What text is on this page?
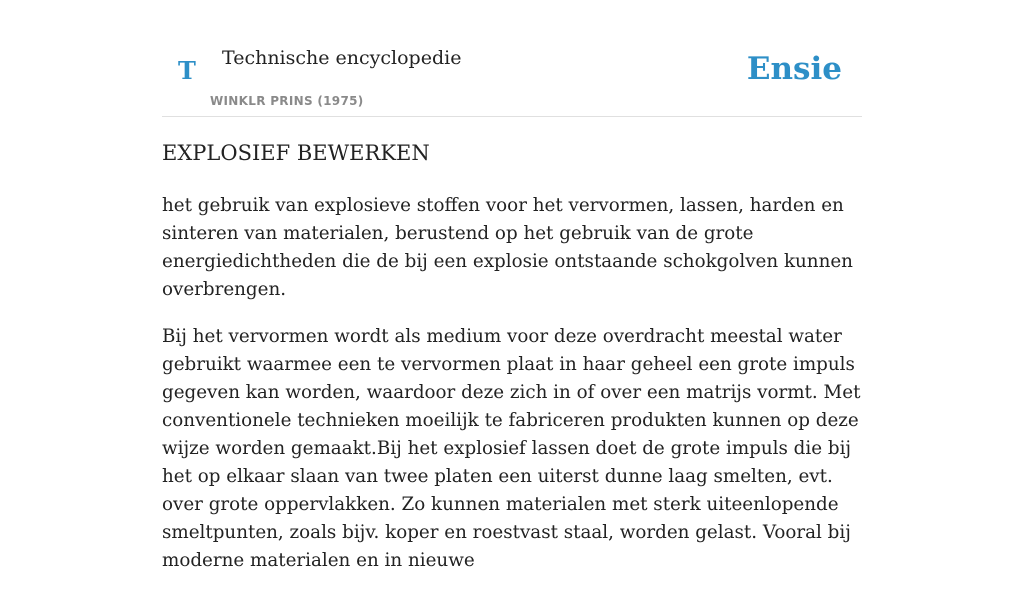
T Technische encyclopedie
WINKLR PRINS (1975)
Ensie
EXPLOSIEF BEWERKEN

het gebruik van explosieve stoffen voor het vervormen, lassen, harden en sinteren van materialen, berustend op het gebruik van de grote energiedichtheden die de bij een explosie ontstaande schokgolven kunnen overbrengen.

Bij het vervormen wordt als medium voor deze overdracht meestal water gebruikt waarmee een te vervormen plaat in haar geheel een grote impuls gegeven kan worden, waardoor deze zich in of over een matrijs vormt. Met conventionele technieken moeilijk te fabriceren produkten kunnen op deze wijze worden gemaakt.Bij het explosief lassen doet de grote impuls die bij het op elkaar slaan van twee platen een uiterst dunne laag smelten, evt. over grote oppervlakken. Zo kunnen materialen met sterk uiteenlopende smeltpunten, zoals bijv. koper en roestvast staal, worden gelast. Vooral bij moderne materialen en in nieuwe
